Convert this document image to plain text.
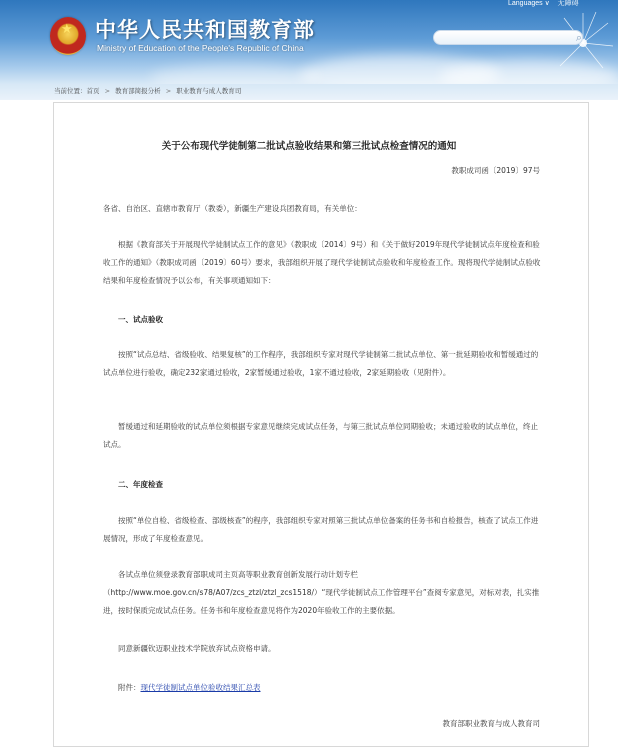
★ 中华人民共和国教育部
Ministry of Education of the People's Republic of China
Languages ∨ 无障碍
⌕
当前位置：首页 > 教育部简报分析 > 职业教育与成人教育司
关于公布现代学徒制第二批试点验收结果和第三批试点检查情况的通知
教职成司函〔2019〕97号

各省、自治区、直辖市教育厅（教委），新疆生产建设兵团教育局，有关单位：

根据《教育部关于开展现代学徒制试点工作的意见》（教职成〔2014〕9号）和《关于做好2019年现代学徒制试点年度检查和验收工作的通知》（教职成司函〔2019〕60号）要求，我部组织开展了现代学徒制试点验收和年度检查工作。现将现代学徒制试点验收结果和年度检查情况予以公布，有关事项通知如下：

一、试点验收

按照“试点总结、省级验收、结果复核”的工作程序，我部组织专家对现代学徒制第二批试点单位、第一批延期验收和暂缓通过的试点单位进行验收，确定232家通过验收，2家暂缓通过验收，1家不通过验收，2家延期验收（见附件）。

暂缓通过和延期验收的试点单位须根据专家意见继续完成试点任务，与第三批试点单位同期验收；未通过验收的试点单位，终止试点。

二、年度检查

按照“单位自检、省级检查、部级核查”的程序，我部组织专家对照第三批试点单位备案的任务书和自检报告，核查了试点工作进展情况，形成了年度检查意见。

各试点单位须登录教育部职成司主页高等职业教育创新发展行动计划专栏（http://www.moe.gov.cn/s78/A07/zcs_ztzl/ztzl_zcs1518/）“现代学徒制试点工作管理平台”查阅专家意见，对标对表，扎实推进，按时保质完成试点任务。任务书和年度检查意见将作为2020年验收工作的主要依据。

同意新疆钦迈职业技术学院放弃试点资格申请。

附件：现代学徒制试点单位验收结果汇总表
教育部职业教育与成人教育司
